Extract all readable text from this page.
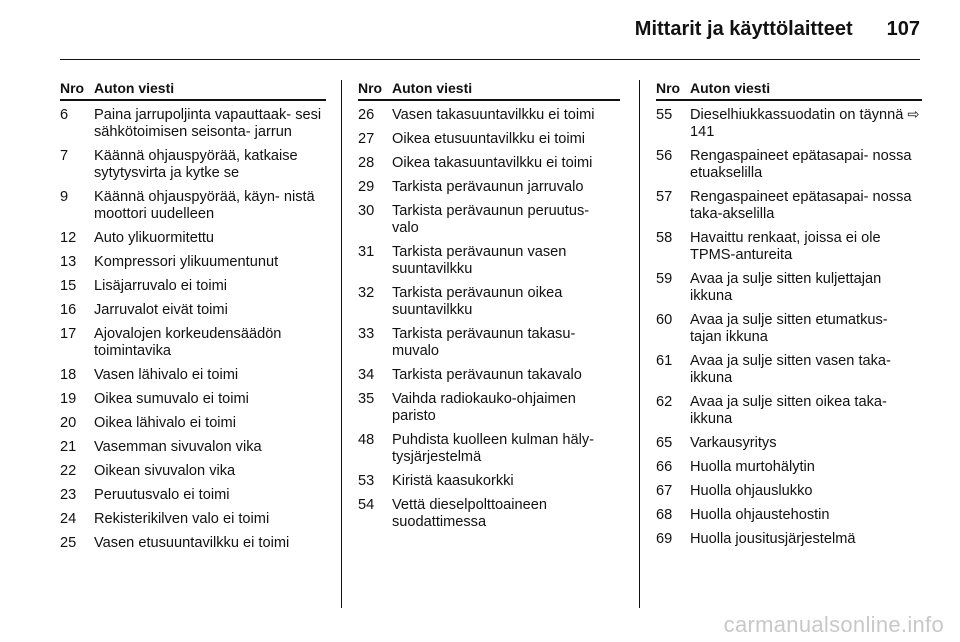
Mittarit ja käyttölaitteet 107
Nro Auton viesti
6	Paina jarrupoljinta vapauttaak- sesi sähkötoimisen seisonta- jarrun
7	Käännä ohjauspyörää, katkaise sytytysvirta ja kytke se
9	Käännä ohjauspyörää, käyn- nistä moottori uudelleen
12	Auto ylikuormitettu
13	Kompressori ylikuumentunut
15	Lisäjarruvalo ei toimi
16	Jarruvalot eivät toimi
17	Ajovalojen korkeudensäädön toimintavika
18	Vasen lähivalo ei toimi
19	Oikea sumuvalo ei toimi
20	Oikea lähivalo ei toimi
21	Vasemman sivuvalon vika
22	Oikean sivuvalon vika
23	Peruutusvalo ei toimi
24	Rekisterikilven valo ei toimi
25	Vasen etusuuntavilkku ei toimi
Nro Auton viesti
26	Vasen takasuuntavilkku ei toimi
27	Oikea etusuuntavilkku ei toimi
28	Oikea takasuuntavilkku ei toimi
29	Tarkista perävaunun jarruvalo
30	Tarkista perävaunun peruutus- valo
31	Tarkista perävaunun vasen suuntavilkku
32	Tarkista perävaunun oikea suuntavilkku
33	Tarkista perävaunun takasu- muvalo
34	Tarkista perävaunun takavalo
35	Vaihda radiokauko-ohjaimen paristo
48	Puhdista kuolleen kulman häly- tysjärjestelmä
53	Kiristä kaasukorkki
54	Vettä dieselpolttoaineen suodattimessa
Nro Auton viesti
55	Dieselhiukkassuodatin on täynnä ⇨ 141
56	Rengaspaineet epätasapai- nossa etuakselilla
57	Rengaspaineet epätasapai- nossa taka-akselilla
58	Havaittu renkaat, joissa ei ole TPMS-antureita
59	Avaa ja sulje sitten kuljettajan ikkuna
60	Avaa ja sulje sitten etumatkus- tajan ikkuna
61	Avaa ja sulje sitten vasen taka- ikkuna
62	Avaa ja sulje sitten oikea taka- ikkuna
65	Varkausyritys
66	Huolla murtohälytin
67	Huolla ohjauslukko
68	Huolla ohjaustehostin
69	Huolla jousitusjärjestelmä
carmanualsonline.info
